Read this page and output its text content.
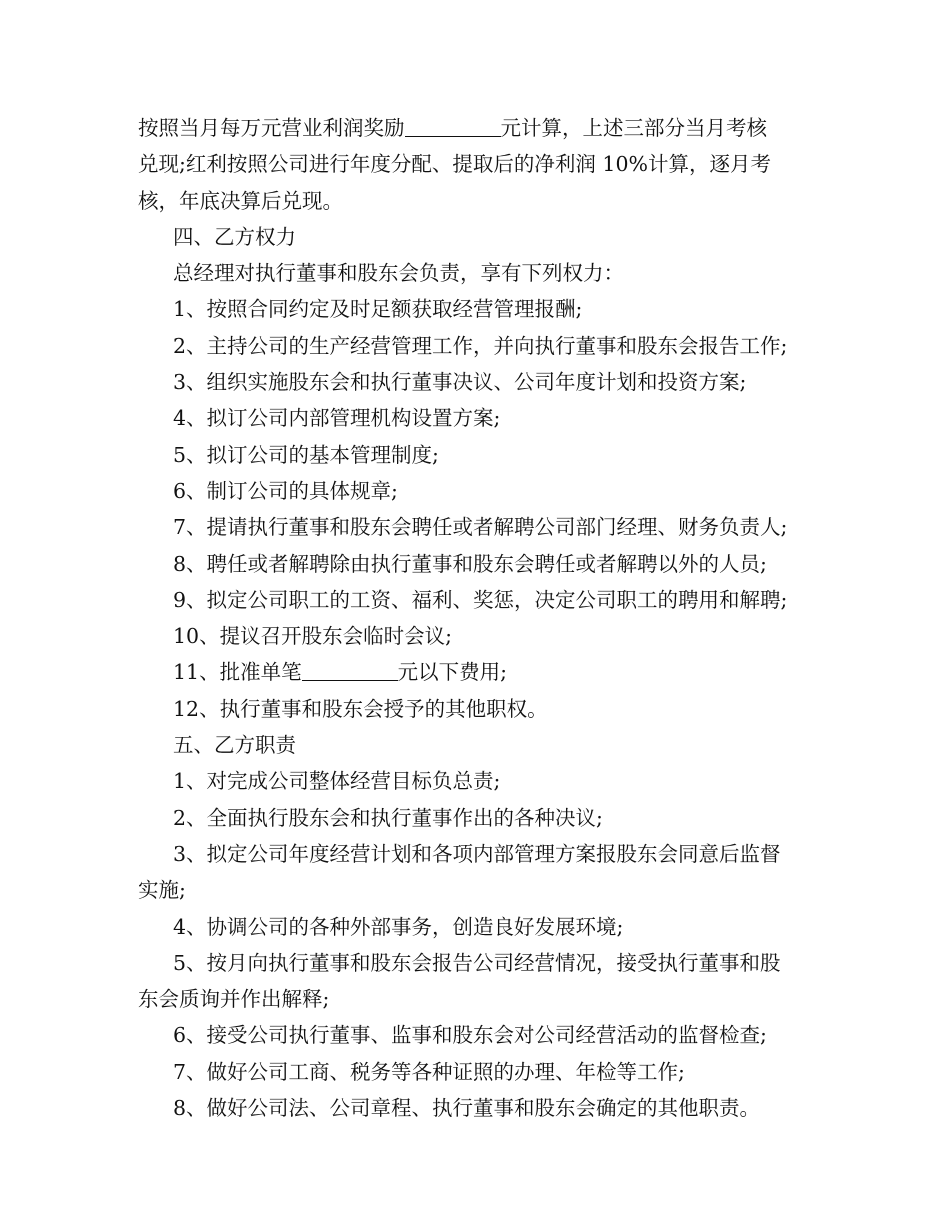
按照当月每万元营业利润奖励	元计算，上述三部分当月考核
兑现;红利按照公司进行年度分配、提取后的净利润 10%计算，逐月考
核，年底决算后兑现。
四、乙方权力
总经理对执行董事和股东会负责，享有下列权力：
1、按照合同约定及时足额获取经营管理报酬;
2、主持公司的生产经营管理工作，并向执行董事和股东会报告工作;
3、组织实施股东会和执行董事决议、公司年度计划和投资方案;
4、拟订公司内部管理机构设置方案;
5、拟订公司的基本管理制度;
6、制订公司的具体规章;
7、提请执行董事和股东会聘任或者解聘公司部门经理、财务负责人;
8、聘任或者解聘除由执行董事和股东会聘任或者解聘以外的人员;
9、拟定公司职工的工资、福利、奖惩，决定公司职工的聘用和解聘;
10、提议召开股东会临时会议;
11、批准单笔	元以下费用;
12、执行董事和股东会授予的其他职权。
五、乙方职责
1、对完成公司整体经营目标负总责;
2、全面执行股东会和执行董事作出的各种决议;
3、拟定公司年度经营计划和各项内部管理方案报股东会同意后监督
实施;
4、协调公司的各种外部事务，创造良好发展环境;
5、按月向执行董事和股东会报告公司经营情况，接受执行董事和股
东会质询并作出解释;
6、接受公司执行董事、监事和股东会对公司经营活动的监督检查;
7、做好公司工商、税务等各种证照的办理、年检等工作;
8、做好公司法、公司章程、执行董事和股东会确定的其他职责。
